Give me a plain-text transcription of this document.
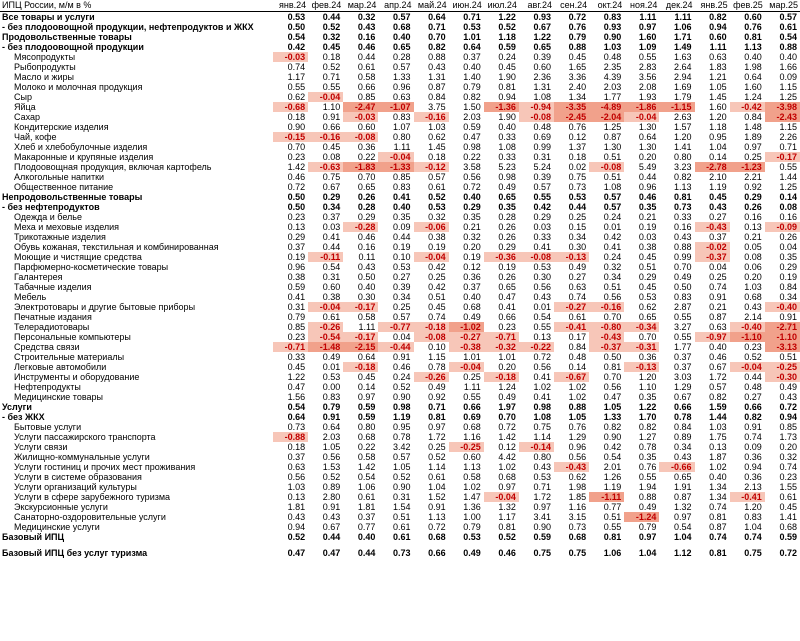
ИПЦ России, м/м в %	янв.24	фев.24	мар.24	апр.24	май.24	июн.24	июл.24	авг.24	сен.24	окт.24	ноя.24	дек.24	янв.25	фев.25	мар.25
Все товары и услуги	0.53	0.44	0.32	0.57	0.64	0.71	1.22	0.93	0.72	0.83	1.11	1.11	0.82	0.60	0.57
- без плодоовощной продукции, нефтепродуктов и ЖКХ	0.50	0.52	0.43	0.68	0.71	0.53	0.52	0.67	0.76	0.93	0.97	1.06	0.94	0.76	0.61
Продовольственные товары	0.54	0.32	0.16	0.40	0.70	1.01	1.18	1.22	0.79	0.90	1.60	1.71	0.60	0.81	0.54
- без плодоовощной продукции	0.42	0.45	0.46	0.65	0.82	0.64	0.59	0.65	0.88	1.03	1.09	1.49	1.11	1.13	0.88
Мясопродукты	-0.03	0.18	0.44	0.28	0.88	0.37	0.24	0.39	0.45	0.48	0.55	1.63	0.63	0.40	0.40
Рыбопродукты	0.74	0.52	0.61	0.57	0.43	0.40	0.45	0.60	1.65	2.35	2.83	2.64	1.83	1.98	1.66
Масло и жиры	1.17	0.71	0.58	1.33	1.31	1.40	1.90	2.36	3.36	4.39	3.56	2.94	1.21	0.64	0.09
Молоко и молочная продукция	0.55	0.55	0.66	0.96	0.87	0.79	0.81	1.31	2.40	2.03	2.08	1.69	1.05	1.60	1.15
Сыр	0.62	-0.04	0.85	0.63	0.84	0.82	0.94	1.08	1.34	1.77	1.93	1.79	1.45	1.24	1.25
Яйца	-0.68	1.10	-2.47	-1.07	3.75	1.50	-1.36	-0.94	-3.35	-4.89	-1.86	-1.15	1.60	-0.42	-3.98
Сахар	0.18	0.91	-0.03	0.83	-0.16	2.03	1.90	-0.08	-2.45	-2.04	-0.04	2.63	1.20	0.84	-2.43
Кондитерские изделия	0.90	0.66	0.60	1.07	1.03	0.59	0.40	0.48	0.76	1.25	1.30	1.57	1.18	1.48	1.15
Чай, кофе	-0.15	-0.16	-0.08	0.80	0.62	0.47	0.33	0.69	0.12	0.87	0.64	1.20	0.95	1.89	2.26
Хлеб и хлебобулочные изделия	0.70	0.45	0.36	1.11	1.45	0.98	1.08	0.99	1.37	1.30	1.30	1.41	1.04	0.97	0.71
Макаронные и крупяные изделия	0.23	0.08	0.22	-0.04	0.18	0.22	0.33	0.31	0.18	0.51	0.20	0.80	0.14	0.25	-0.17
Плодоовощная продукция, включая картофель	1.42	-0.63	-1.83	-1.33	-0.12	3.58	5.23	5.24	0.02	-0.08	5.49	3.23	-2.78	-1.23	0.55
Алкогольные напитки	0.46	0.75	0.70	0.85	0.57	0.56	0.98	0.39	0.75	0.51	0.44	0.82	2.10	2.21	1.44
Общественное питание	0.72	0.67	0.65	0.83	0.61	0.72	0.49	0.57	0.73	1.08	0.96	1.13	1.19	0.92	1.25
Непродовольственные товары	0.50	0.29	0.26	0.41	0.52	0.40	0.65	0.55	0.53	0.57	0.46	0.81	0.45	0.29	0.14
- без нефтепродуктов	0.50	0.34	0.28	0.40	0.53	0.29	0.35	0.42	0.44	0.57	0.35	0.73	0.43	0.26	0.08
Одежда и белье	0.23	0.37	0.29	0.35	0.32	0.35	0.28	0.29	0.25	0.24	0.21	0.33	0.27	0.16	0.16
Меха и меховые изделия	0.13	0.03	-0.28	0.09	-0.06	0.21	0.26	0.03	0.15	0.01	0.19	0.16	-0.43	0.13	-0.09
Трикотажные изделия	0.29	0.41	0.46	0.44	0.38	0.32	0.26	0.33	0.34	0.42	0.03	0.43	0.37	0.21	0.26
Обувь кожаная, текстильная и комбинированная	0.37	0.44	0.16	0.19	0.19	0.20	0.29	0.41	0.30	0.41	0.38	0.88	-0.02	0.05	0.04
Моющие и чистящие средства	0.19	-0.11	0.11	0.10	-0.04	0.19	-0.36	-0.08	-0.13	0.24	0.45	0.99	-0.37	0.08	0.35
Парфюмерно-косметические товары	0.96	0.54	0.43	0.53	0.42	0.12	0.19	0.53	0.49	0.32	0.51	0.70	0.04	0.06	0.29
Галантерея	0.38	0.31	0.50	0.27	0.25	0.36	0.26	0.30	0.27	0.34	0.29	0.49	0.25	0.20	0.19
Табачные изделия	0.59	0.60	0.40	0.39	0.42	0.37	0.65	0.56	0.63	0.51	0.45	0.50	0.74	1.03	0.84
Мебель	0.41	0.38	0.30	0.34	0.51	0.40	0.47	0.43	0.74	0.56	0.53	0.83	0.91	0.68	0.34
Электротовары и другие бытовые приборы	0.31	-0.04	-0.17	0.25	0.45	0.68	0.41	0.01	-0.27	-0.16	0.62	2.87	0.21	0.43	-0.40
Печатные издания	0.79	0.61	0.58	0.57	0.74	0.49	0.66	0.54	0.61	0.70	0.65	0.55	0.87	2.14	0.91
Телерадиотовары	0.85	-0.26	1.11	-0.77	-0.18	-1.02	0.23	0.55	-0.41	-0.80	-0.34	3.27	0.63	-0.40	-2.71
Персональные компьютеры	0.23	-0.54	-0.17	0.04	-0.08	-0.27	-0.71	0.13	0.17	-0.43	0.70	0.55	-0.97	-1.10	-1.10
Средства связи	-0.71	-1.48	-2.15	-0.44	0.10	-0.38	-0.32	-0.22	0.84	-0.37	-0.31	1.77	0.40	0.23	-3.13
Строительные материалы	0.33	0.49	0.64	0.91	1.15	1.01	1.01	0.72	0.48	0.50	0.36	0.37	0.46	0.52	0.51
Легковые автомобили	0.45	0.01	-0.18	0.46	0.78	-0.04	0.20	0.56	0.14	0.81	-0.13	0.37	0.67	-0.04	-0.25
Инструменты и оборудование	1.22	0.53	0.45	0.24	-0.26	0.25	-0.18	0.41	-0.67	0.70	1.20	3.03	1.72	0.44	-0.30
Нефтепродукты	0.47	0.00	0.14	0.52	0.49	1.11	1.24	1.02	1.02	0.56	1.10	1.29	0.57	0.48	0.49
Медицинские товары	1.56	0.83	0.97	0.90	0.92	0.55	0.49	0.41	1.02	0.47	0.35	0.67	0.82	0.27	0.43
Услуги	0.54	0.79	0.59	0.98	0.71	0.66	1.97	0.98	0.88	1.05	1.22	0.66	1.59	0.66	0.72
- без ЖКХ	0.64	0.91	0.59	1.19	0.81	0.69	0.70	1.08	1.05	1.33	1.70	0.78	1.44	0.82	0.94
Бытовые услуги	0.73	0.64	0.80	0.95	0.97	0.68	0.72	0.75	0.76	0.82	0.82	0.84	1.03	0.91	0.85
Услуги пассажирского транспорта	-0.88	2.03	0.68	0.78	1.72	1.16	1.42	1.14	1.29	0.90	1.27	0.89	1.75	0.74	1.73
Услуги связи	0.18	1.05	0.22	3.42	0.25	-0.25	0.12	-0.14	0.96	0.42	0.78	0.34	0.13	0.09	0.20
Жилищно-коммунальные услуги	0.37	0.56	0.58	0.57	0.52	0.60	4.42	0.80	0.56	0.54	0.35	0.43	1.87	0.36	0.32
Услуги гостиниц и прочих мест проживания	0.63	1.53	1.42	1.05	1.14	1.13	1.02	0.43	-0.43	2.01	0.76	-0.66	1.02	0.94	0.74
Услуги в системе образования	0.56	0.52	0.54	0.52	0.61	0.58	0.68	0.53	0.62	1.26	0.55	0.65	0.40	0.36	0.23
Услуги организаций культуры	1.03	0.89	1.06	0.90	1.04	1.02	0.97	0.71	1.98	1.19	1.94	1.91	1.34	2.13	1.55
Услуги в сфере зарубежного туризма	0.13	2.80	0.61	0.31	1.52	1.47	-0.04	1.72	1.85	-1.11	0.88	0.87	1.34	-0.41	0.61
Экскурсионные услуги	1.81	0.91	1.81	1.54	0.91	1.36	1.32	0.97	1.16	0.77	0.49	1.32	0.74	1.20	0.45
Санаторно-оздоровительные услуги	0.43	0.43	0.37	0.51	1.13	1.00	1.17	3.41	3.15	0.51	-1.24	0.97	0.81	0.83	1.41
Медицинские услуги	0.94	0.67	0.77	0.61	0.72	0.79	0.81	0.90	0.73	0.55	0.79	0.54	0.87	1.04	0.68
Базовый ИПЦ	0.52	0.44	0.40	0.61	0.68	0.53	0.52	0.59	0.68	0.81	0.97	1.04	0.74	0.74	0.59

Базовый ИПЦ без услуг туризма	0.47	0.47	0.44	0.73	0.66	0.49	0.46	0.75	0.75	1.06	1.04	1.12	0.81	0.75	0.72
